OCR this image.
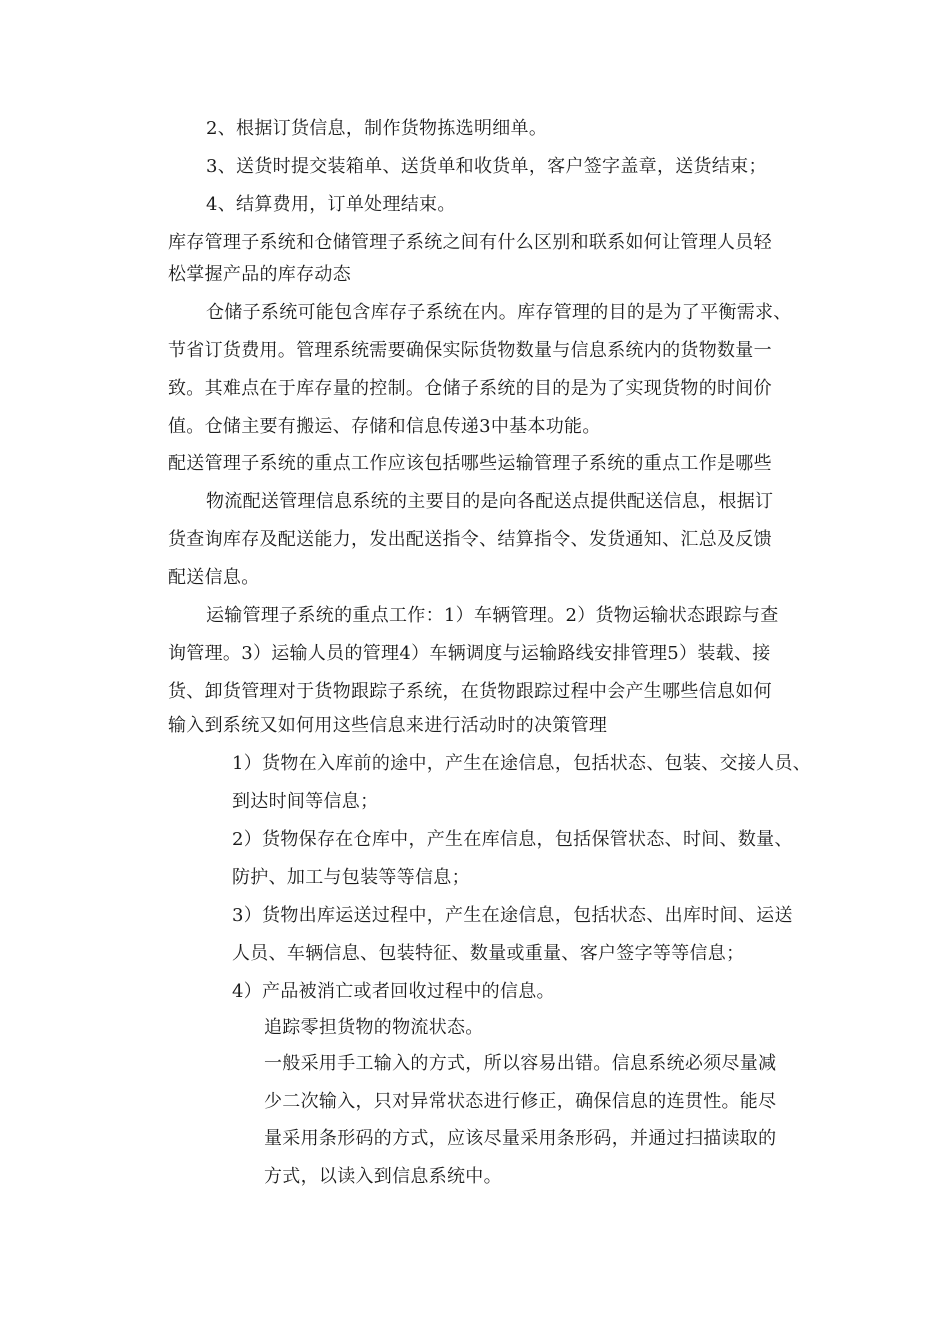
2、根据订货信息，制作货物拣选明细单。
3、送货时提交装箱单、送货单和收货单，客户签字盖章，送货结束；
4、结算费用，订单处理结束。
库存管理子系统和仓储管理子系统之间有什么区别和联系如何让管理人员轻
松掌握产品的库存动态
仓储子系统可能包含库存子系统在内。库存管理的目的是为了平衡需求、
节省订货费用。管理系统需要确保实际货物数量与信息系统内的货物数量一
致。其难点在于库存量的控制。仓储子系统的目的是为了实现货物的时间价
值。仓储主要有搬运、存储和信息传递3中基本功能。
配送管理子系统的重点工作应该包括哪些运输管理子系统的重点工作是哪些
物流配送管理信息系统的主要目的是向各配送点提供配送信息，根据订
货查询库存及配送能力，发出配送指令、结算指令、发货通知、汇总及反馈
配送信息。
运输管理子系统的重点工作：1）车辆管理。2）货物运输状态跟踪与查
询管理。3）运输人员的管理4）车辆调度与运输路线安排管理5）装载、接
货、卸货管理对于货物跟踪子系统，在货物跟踪过程中会产生哪些信息如何
输入到系统又如何用这些信息来进行活动时的决策管理
1）货物在入库前的途中，产生在途信息，包括状态、包装、交接人员、
到达时间等信息；
2）货物保存在仓库中，产生在库信息，包括保管状态、时间、数量、
防护、加工与包装等等信息；
3）货物出库运送过程中，产生在途信息，包括状态、出库时间、运送
人员、车辆信息、包装特征、数量或重量、客户签字等等信息；
4）产品被消亡或者回收过程中的信息。
追踪零担货物的物流状态。
一般采用手工输入的方式，所以容易出错。信息系统必须尽量减
少二次输入，只对异常状态进行修正，确保信息的连贯性。能尽
量采用条形码的方式，应该尽量采用条形码，并通过扫描读取的
方式，以读入到信息系统中。
